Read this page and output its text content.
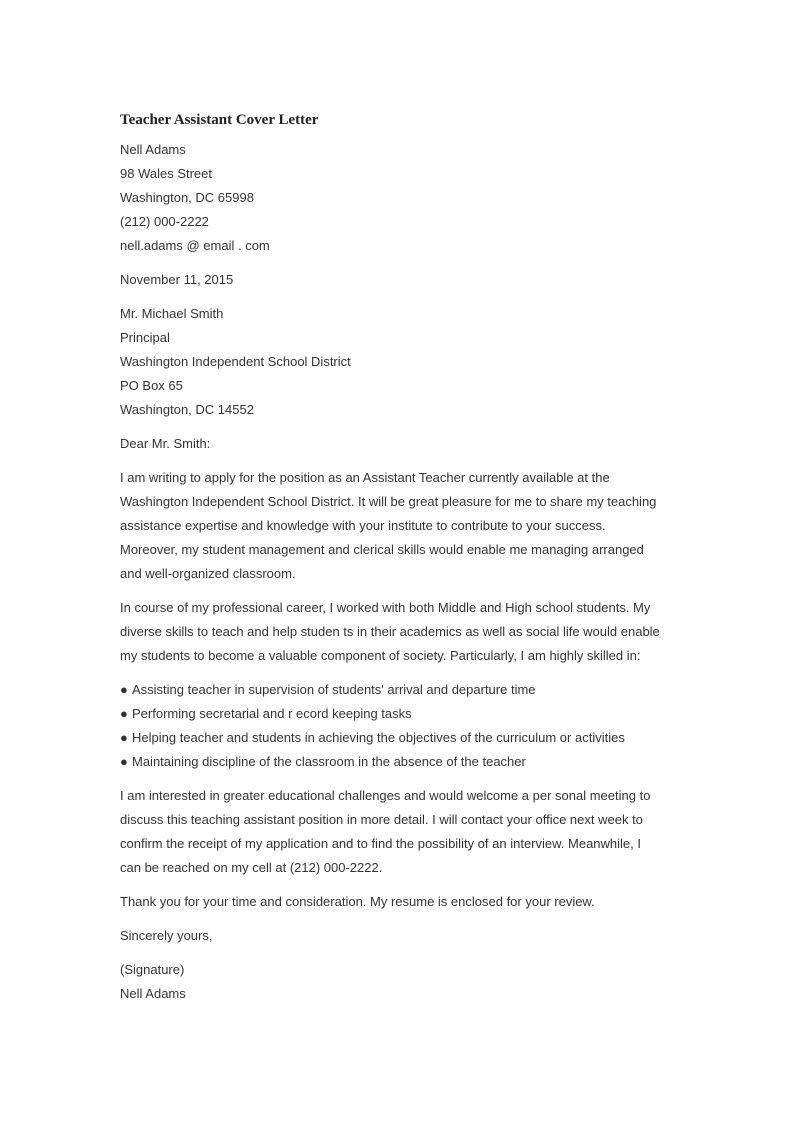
Teacher Assistant Cover Letter
Nell Adams
98 Wales Street
Washington, DC 65998
(212) 000-2222
nell.adams @ email . com
November 11, 2015
Mr. Michael Smith
Principal
Washington Independent School District
PO Box 65
Washington, DC 14552
Dear Mr. Smith:
I am writing to apply for the position as an Assistant Teacher currently available at the
Washington Independent School District. It will be great pleasure for me to share my teaching
assistance expertise and knowledge with your institute to contribute to your success.
Moreover, my student management and clerical skills would enable me managing arranged
and well-organized classroom.
In course of my professional career, I worked with both Middle and High school students. My
diverse skills to teach and help studen ts in their academics as well as social life would enable
my students to become a valuable component of society. Particularly, I am highly skilled in:
● Assisting teacher in supervision of students' arrival and departure time
● Performing secretarial and r ecord keeping tasks
● Helping teacher and students in achieving the objectives of the curriculum or activities
● Maintaining discipline of the classroom in the absence of the teacher
I am interested in greater educational challenges and would welcome a per sonal meeting to
discuss this teaching assistant position in more detail. I will contact your office next week to
confirm the receipt of my application and to find the possibility of an interview. Meanwhile, I
can be reached on my cell at (212) 000-2222.
Thank you for your time and consideration. My resume is enclosed for your review.
Sincerely yours,
(Signature)
Nell Adams
